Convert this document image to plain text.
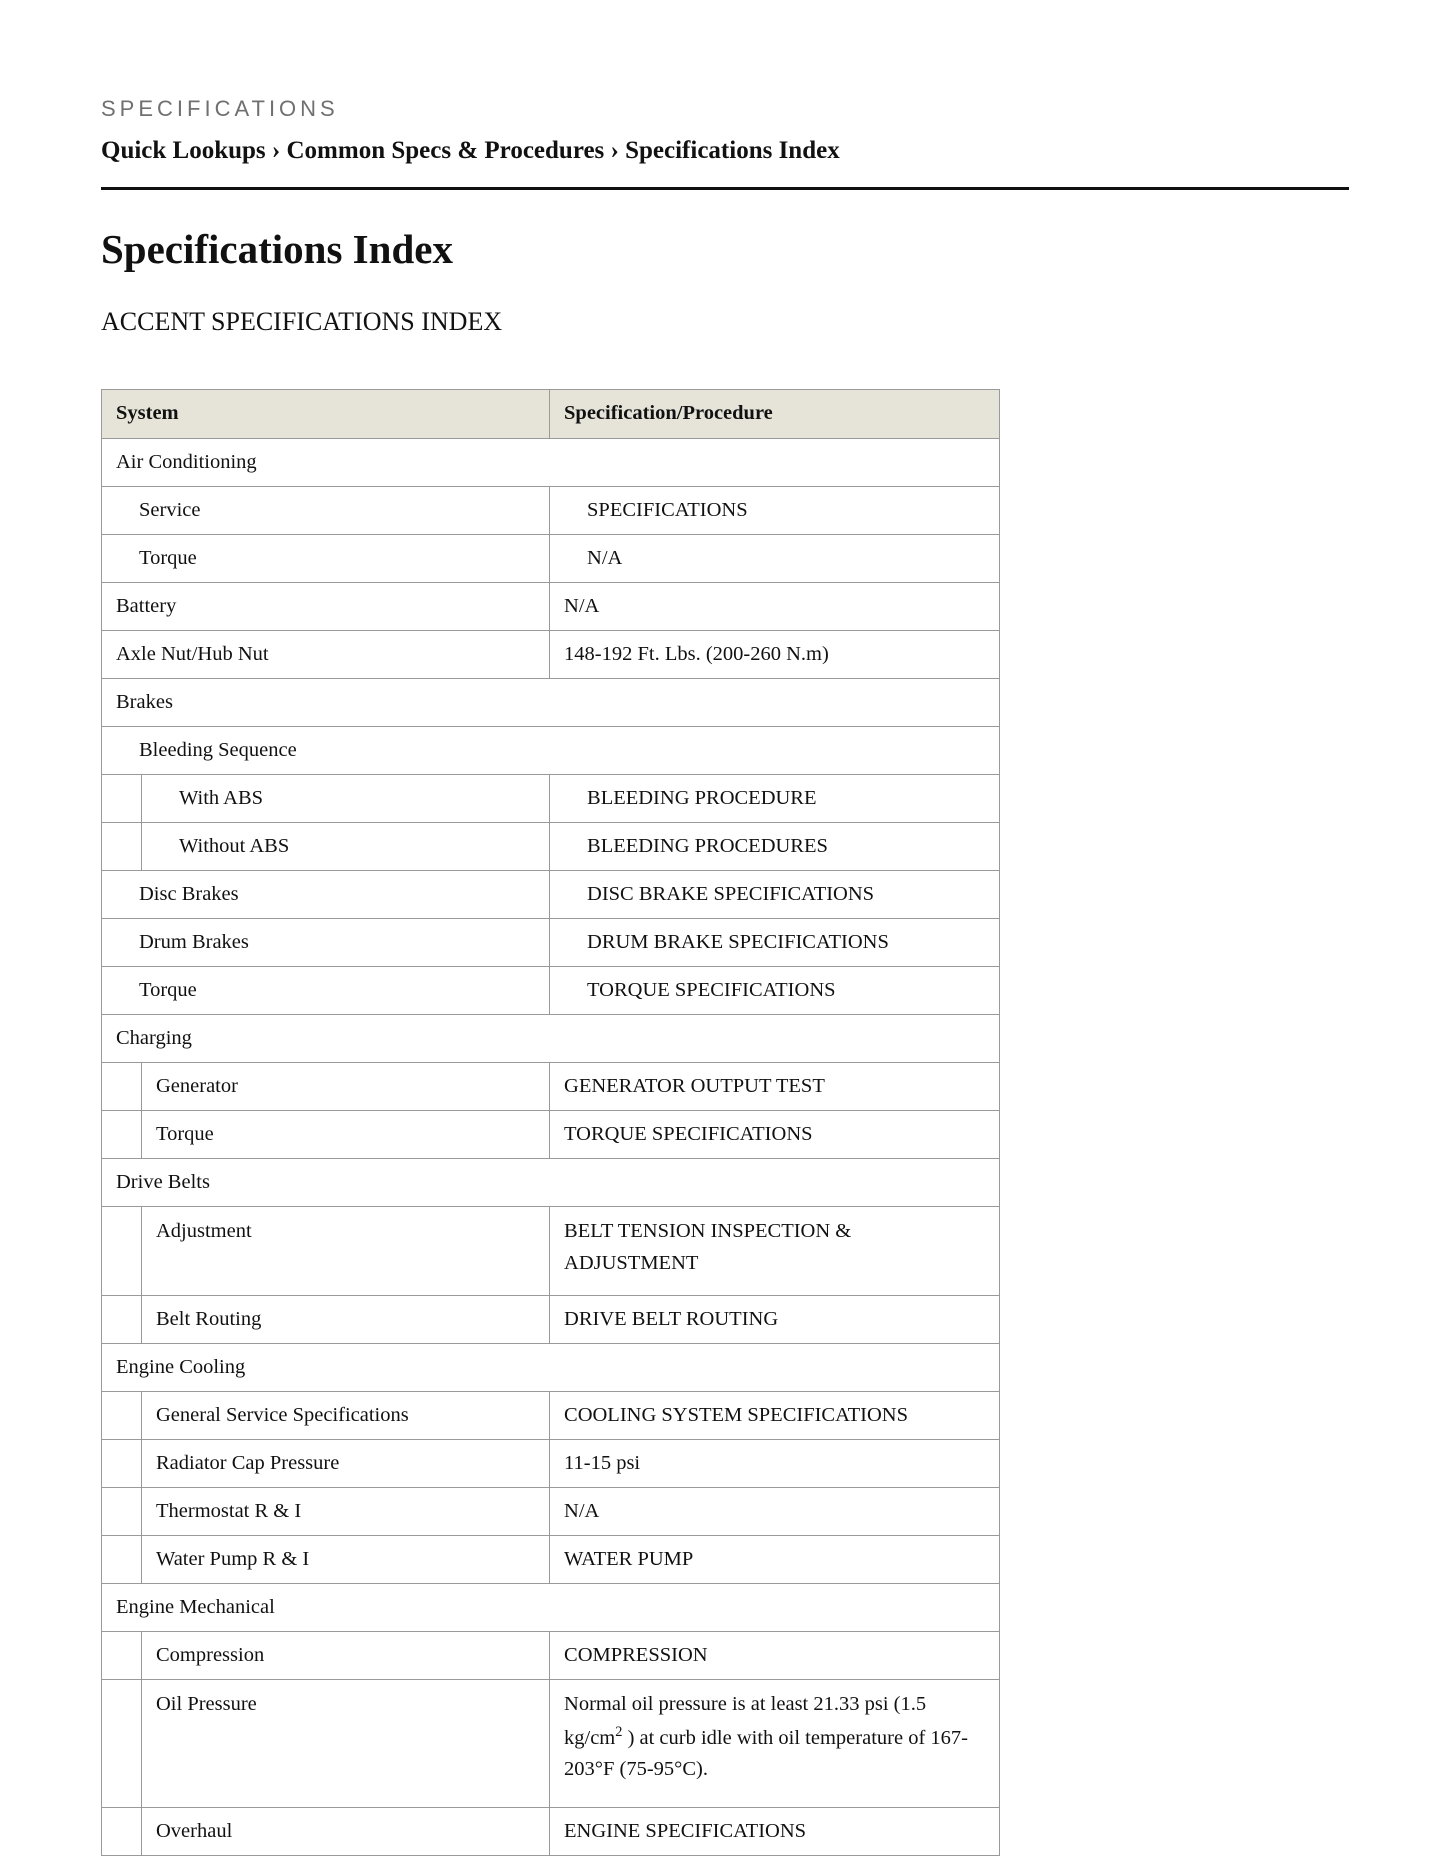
SPECIFICATIONS
Quick Lookups › Common Specs & Procedures › Specifications Index
Specifications Index
ACCENT SPECIFICATIONS INDEX
System		Specification/Procedure
Air Conditioning		
Service		SPECIFICATIONS
Torque		N/A
Battery		N/A
Axle Nut/Hub Nut		148-192 Ft. Lbs. (200-260 N.m)
Brakes		
Bleeding Sequence		
	With ABS	BLEEDING PROCEDURE
	Without ABS	BLEEDING PROCEDURES
Disc Brakes		DISC BRAKE SPECIFICATIONS
Drum Brakes		DRUM BRAKE SPECIFICATIONS
Torque		TORQUE SPECIFICATIONS
Charging		
	Generator	GENERATOR OUTPUT TEST
	Torque	TORQUE SPECIFICATIONS
Drive Belts		
	Adjustment	BELT TENSION INSPECTION & ADJUSTMENT
	Belt Routing	DRIVE BELT ROUTING
Engine Cooling		
	General Service Specifications	COOLING SYSTEM SPECIFICATIONS
	Radiator Cap Pressure	11-15 psi
	Thermostat R & I	N/A
	Water Pump R & I	WATER PUMP
Engine Mechanical		
	Compression	COMPRESSION
	Oil Pressure	Normal oil pressure is at least 21.33 psi (1.5 $kg/cm^2$ ) at curb idle with oil temperature of 167-203°F (75-95°C).
	Overhaul	ENGINE SPECIFICATIONS
